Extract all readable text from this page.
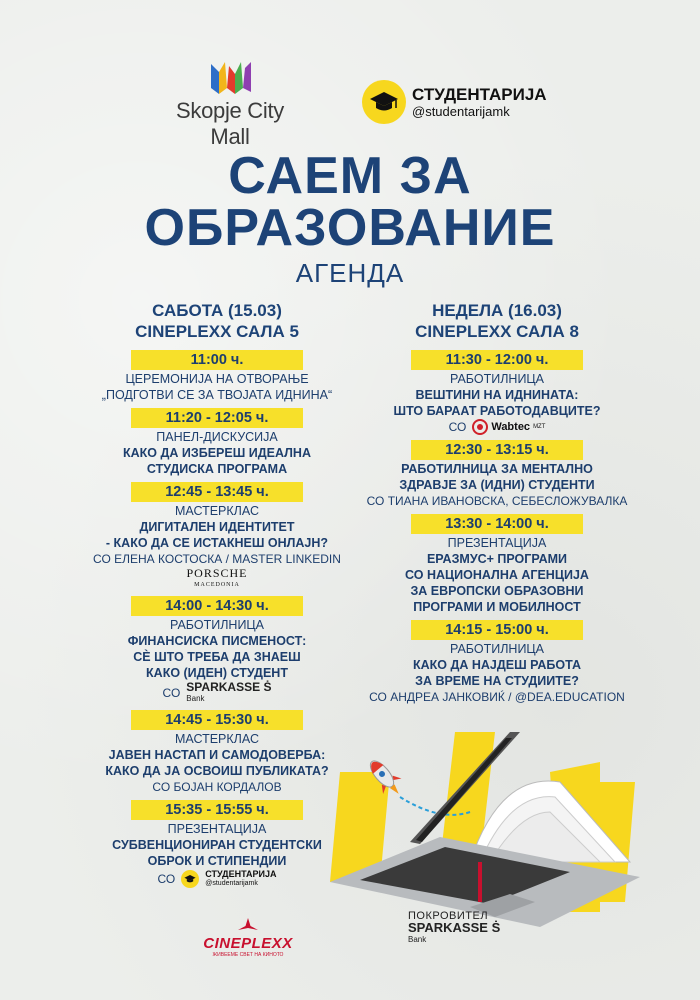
Skopje City Mall
СТУДЕНТАРИЈА
@studentarijamk
САЕМ ЗА
ОБРАЗОВАНИЕ
АГЕНДА
САБОТА (15.03)
CINEPLEXX САЛА 5
11:00 ч.
ЦЕРЕМОНИЈА НА ОТВОРАЊЕ
„ПОДГОТВИ СЕ ЗА ТВОЈАТА ИДНИНА“
11:20 - 12:05 ч.
ПАНЕЛ-ДИСКУСИЈА
КАКО ДА ИЗБЕРЕШ ИДЕАЛНА
СТУДИСКА ПРОГРАМА
12:45 - 13:45 ч.
МАСТЕРКЛАС
ДИГИТАЛЕН ИДЕНТИТЕТ
- КАКО ДА СЕ ИСТАКНЕШ ОНЛАЈН?
СО ЕЛЕНА КОСТОСКА / MASTER LINKEDIN
PORSCHE
MACEDONIA
14:00 - 14:30 ч.
РАБОТИЛНИЦА
ФИНАНСИСКА ПИСМЕНОСТ:
СÈ ШТО ТРЕБА ДА ЗНАЕШ
КАКО (ИДЕН) СТУДЕНТ
СО SPARKASSE Ṡ
Bank
14:45 - 15:30 ч.
МАСТЕРКЛАС
ЈАВЕН НАСТАП И САМОДОВЕРБА:
КАКО ДА ЈА ОСВОИШ ПУБЛИКАТА?
СО БОЈАН КОРДАЛОВ
15:35 - 15:55 ч.
ПРЕЗЕНТАЦИЈА
СУБВЕНЦИОНИРАН СТУДЕНТСКИ
ОБРОК И СТИПЕНДИИ
СО	СТУДЕНТАРИЈА
@studentarijamk
НЕДЕЛА (16.03)
CINEPLEXX САЛА 8
11:30 - 12:00 ч.
РАБОТИЛНИЦА
ВЕШТИНИ НА ИДНИНАТА:
ШТО БАРААТ РАБОТОДАВЦИТЕ?
СО Wabtec MZT
12:30 - 13:15 ч.
РАБОТИЛНИЦА ЗА МЕНТАЛНО
ЗДРАВЈЕ ЗА (ИДНИ) СТУДЕНТИ
СО ТИАНА ИВАНОВСКА, СЕБЕСЛОЖУВАЛКА
13:30 - 14:00 ч.
ПРЕЗЕНТАЦИЈА
ЕРАЗМУС+ ПРОГРАМИ
СО НАЦИОНАЛНА АГЕНЦИЈА
ЗА ЕВРОПСКИ ОБРАЗОВНИ
ПРОГРАМИ И МОБИЛНОСТ
14:15 - 15:00 ч.
РАБОТИЛНИЦА
КАКО ДА НАЈДЕШ РАБОТА
ЗА ВРЕМЕ НА СТУДИИТЕ?
СО АНДРЕА ЈАНКОВИЌ / @DEA.EDUCATION
CINEPLEXX
ЖИВЕЕМЕ СВЕТ НА КИНОТО
ПОКРОВИТЕЛ
SPARKASSE Ṡ
Bank
